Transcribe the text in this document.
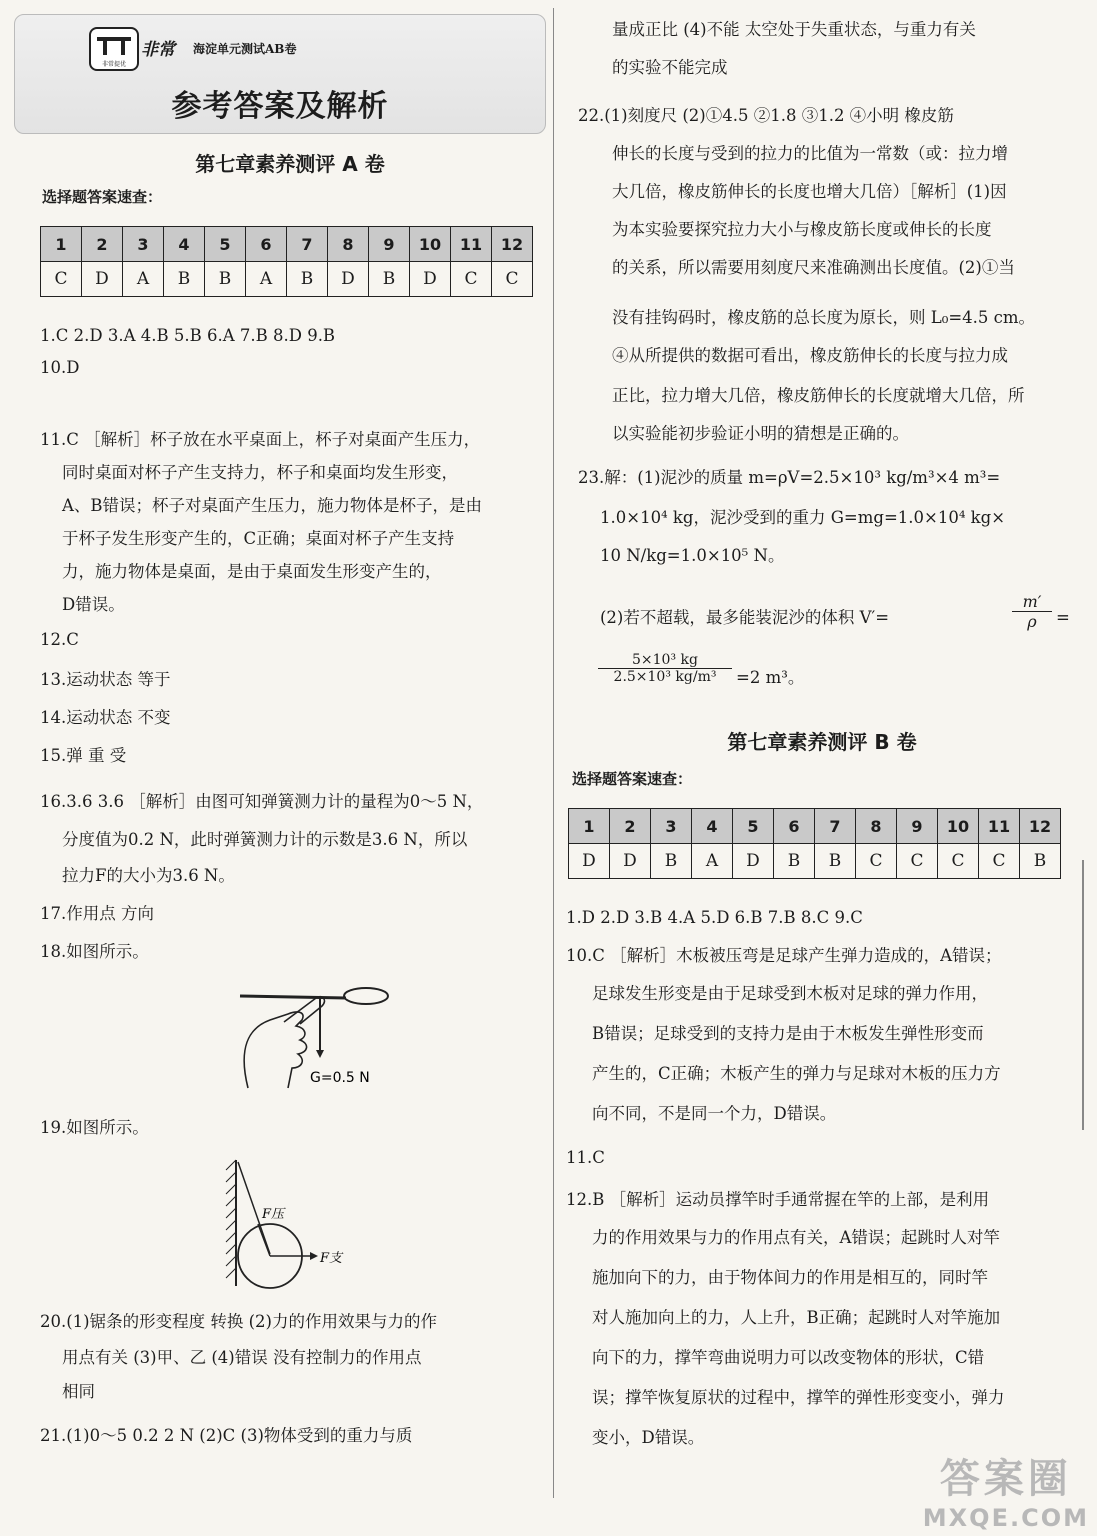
非常提优
非常 海淀单元测试AB卷
参考答案及解析
第七章素养测评 A 卷
选择题答案速查：
1	2	3	4	5	6	7	8	9	10	11	12
C	D	A	B	B	A	B	D	B	D	C	C
1.C 2.D 3.A 4.B 5.B 6.A 7.B 8.D 9.B
10.D
11.C ［解析］杯子放在水平桌面上，杯子对桌面产生压力，
同时桌面对杯子产生支持力，杯子和桌面均发生形变，
A、B错误；杯子对桌面产生压力，施力物体是杯子，是由
于杯子发生形变产生的，C正确；桌面对杯子产生支持
力，施力物体是桌面，是由于桌面发生形变产生的，
D错误。
12.C
13.运动状态 等于
14.运动状态 不变
15.弹 重 受
16.3.6 3.6 ［解析］由图可知弹簧测力计的量程为0～5 N，
分度值为0.2 N，此时弹簧测力计的示数是3.6 N，所以
拉力F的大小为3.6 N。
17.作用点 方向
18.如图所示。
G=0.5 N
19.如图所示。
F压
F支
20.(1)锯条的形变程度 转换 (2)力的作用效果与力的作
用点有关 (3)甲、乙 (4)错误 没有控制力的作用点
相同
21.(1)0～5 0.2 2 N (2)C (3)物体受到的重力与质
量成正比 (4)不能 太空处于失重状态，与重力有关
的实验不能完成
22.(1)刻度尺 (2)①4.5 ②1.8 ③1.2 ④小明 橡皮筋
伸长的长度与受到的拉力的比值为一常数（或：拉力增
大几倍，橡皮筋伸长的长度也增大几倍）［解析］(1)因
为本实验要探究拉力大小与橡皮筋长度或伸长的长度
的关系，所以需要用刻度尺来准确测出长度值。(2)①当
没有挂钩码时，橡皮筋的总长度为原长，则 L₀=4.5 cm。
④从所提供的数据可看出，橡皮筋伸长的长度与拉力成
正比，拉力增大几倍，橡皮筋伸长的长度就增大几倍，所
以实验能初步验证小明的猜想是正确的。
23.解：(1)泥沙的质量 m=ρV=2.5×10³ kg/m³×4 m³=
1.0×10⁴ kg，泥沙受到的重力 G=mg=1.0×10⁴ kg×
10 N/kg=1.0×10⁵ N。
(2)若不超载，最多能装泥沙的体积 V′=
m′
ρ	=
5×10³ kg
2.5×10³ kg/m³	=2 m³。
第七章素养测评 B 卷
选择题答案速查：
1	2	3	4	5	6	7	8	9	10	11	12
D	D	B	A	D	B	B	C	C	C	C	B
1.D 2.D 3.B 4.A 5.D 6.B 7.B 8.C 9.C
10.C ［解析］木板被压弯是足球产生弹力造成的，A错误；
足球发生形变是由于足球受到木板对足球的弹力作用，
B错误；足球受到的支持力是由于木板发生弹性形变而
产生的，C正确；木板产生的弹力与足球对木板的压力方
向不同，不是同一个力，D错误。
11.C
12.B ［解析］运动员撑竿时手通常握在竿的上部，是利用
力的作用效果与力的作用点有关，A错误；起跳时人对竿
施加向下的力，由于物体间力的作用是相互的，同时竿
对人施加向上的力，人上升，B正确；起跳时人对竿施加
向下的力，撑竿弯曲说明力可以改变物体的形状，C错
误；撑竿恢复原状的过程中，撑竿的弹性形变变小，弹力
变小，D错误。
答案圈
MXQE.COM
